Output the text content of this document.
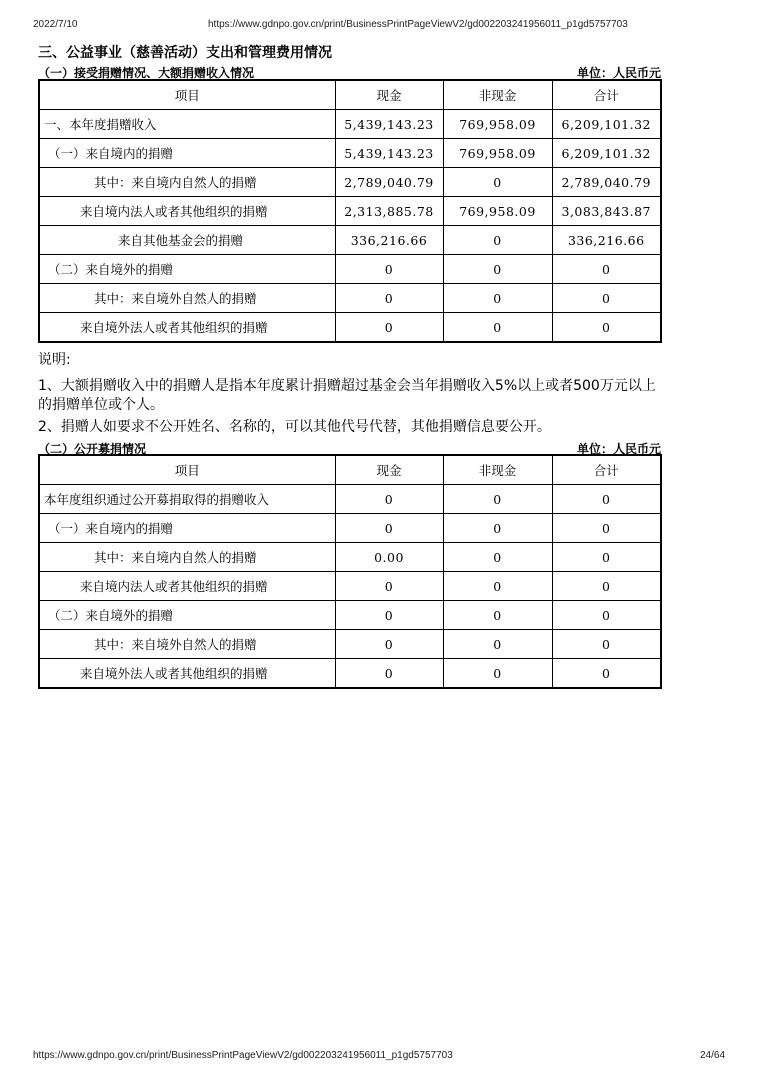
2022/7/10	https://www.gdnpo.gov.cn/print/BusinessPrintPageViewV2/gd002203241956011_p1gd5757703
三、公益事业（慈善活动）支出和管理费用情况
（一）接受捐赠情况、大额捐赠收入情况	单位：人民币元
项目	现金	非现金	合计
一、本年度捐赠收入	5,439,143.23	769,958.09	6,209,101.32
（一）来自境内的捐赠	5,439,143.23	769,958.09	6,209,101.32
其中：来自境内自然人的捐赠	2,789,040.79	0	2,789,040.79
来自境内法人或者其他组织的捐赠	2,313,885.78	769,958.09	3,083,843.87
来自其他基金会的捐赠	336,216.66	0	336,216.66
（二）来自境外的捐赠	0	0	0
其中：来自境外自然人的捐赠	0	0	0
来自境外法人或者其他组织的捐赠	0	0	0
说明:
1、大额捐赠收入中的捐赠人是指本年度累计捐赠超过基金会当年捐赠收入5%以上或者500万元以上的捐赠单位或个人。
2、捐赠人如要求不公开姓名、名称的，可以其他代号代替，其他捐赠信息要公开。
（二）公开募捐情况	单位：人民币元
项目	现金	非现金	合计
本年度组织通过公开募捐取得的捐赠收入	0	0	0
（一）来自境内的捐赠	0	0	0
其中：来自境内自然人的捐赠	0.00	0	0
来自境内法人或者其他组织的捐赠	0	0	0
（二）来自境外的捐赠	0	0	0
其中：来自境外自然人的捐赠	0	0	0
来自境外法人或者其他组织的捐赠	0	0	0
https://www.gdnpo.gov.cn/print/BusinessPrintPageViewV2/gd002203241956011_p1gd5757703	24/64
